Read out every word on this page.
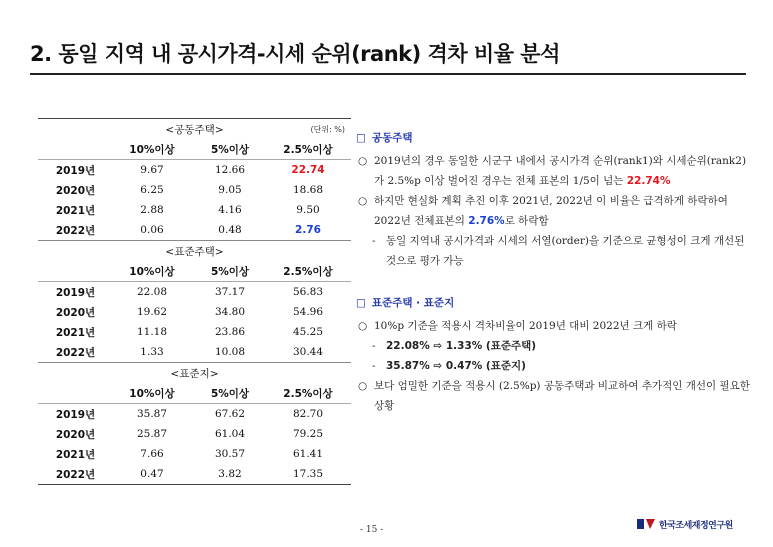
2. 동일 지역 내 공시가격-시세 순위(rank) 격차 비율 분석
<공동주택>	(단위: %)
10%이상	5%이상	2.5%이상
2019년	9.67	12.66	22.74
2020년	6.25	9.05	18.68
2021년	2.88	4.16	9.50
2022년	0.06	0.48	2.76
<표준주택>
10%이상	5%이상	2.5%이상
2019년	22.08	37.17	56.83
2020년	19.62	34.80	54.96
2021년	11.18	23.86	45.25
2022년	1.33	10.08	30.44
<표준지>
10%이상	5%이상	2.5%이상
2019년	35.87	67.62	82.70
2020년	25.87	61.04	79.25
2021년	7.66	30.57	61.41
2022년	0.47	3.82	17.35
□ 공동주택
○ 2019년의 경우 동일한 시군구 내에서 공시가격 순위(rank1)와 시세순위(rank2)가 2.5%p 이상 벌어진 경우는 전체 표본의 1/5이 넘는 22.74%
○ 하지만 현실화 계획 추진 이후 2021년, 2022년 이 비율은 급격하게 하락하여 2022년 전체표본의 2.76%로 하락함
- 동일 지역내 공시가격과 시세의 서열(order)을 기준으로 균형성이 크게 개선된 것으로 평가 가능
□ 표준주택 · 표준지
○ 10%p 기준을 적용시 격차비율이 2019년 대비 2022년 크게 하락
- 22.08% ⇨ 1.33% (표준주택)
- 35.87% ⇨ 0.47% (표준지)
○ 보다 엄밀한 기준을 적용시 (2.5%p) 공동주택과 비교하여 추가적인 개선이 필요한 상황
- 15 -	한국조세재정연구원
